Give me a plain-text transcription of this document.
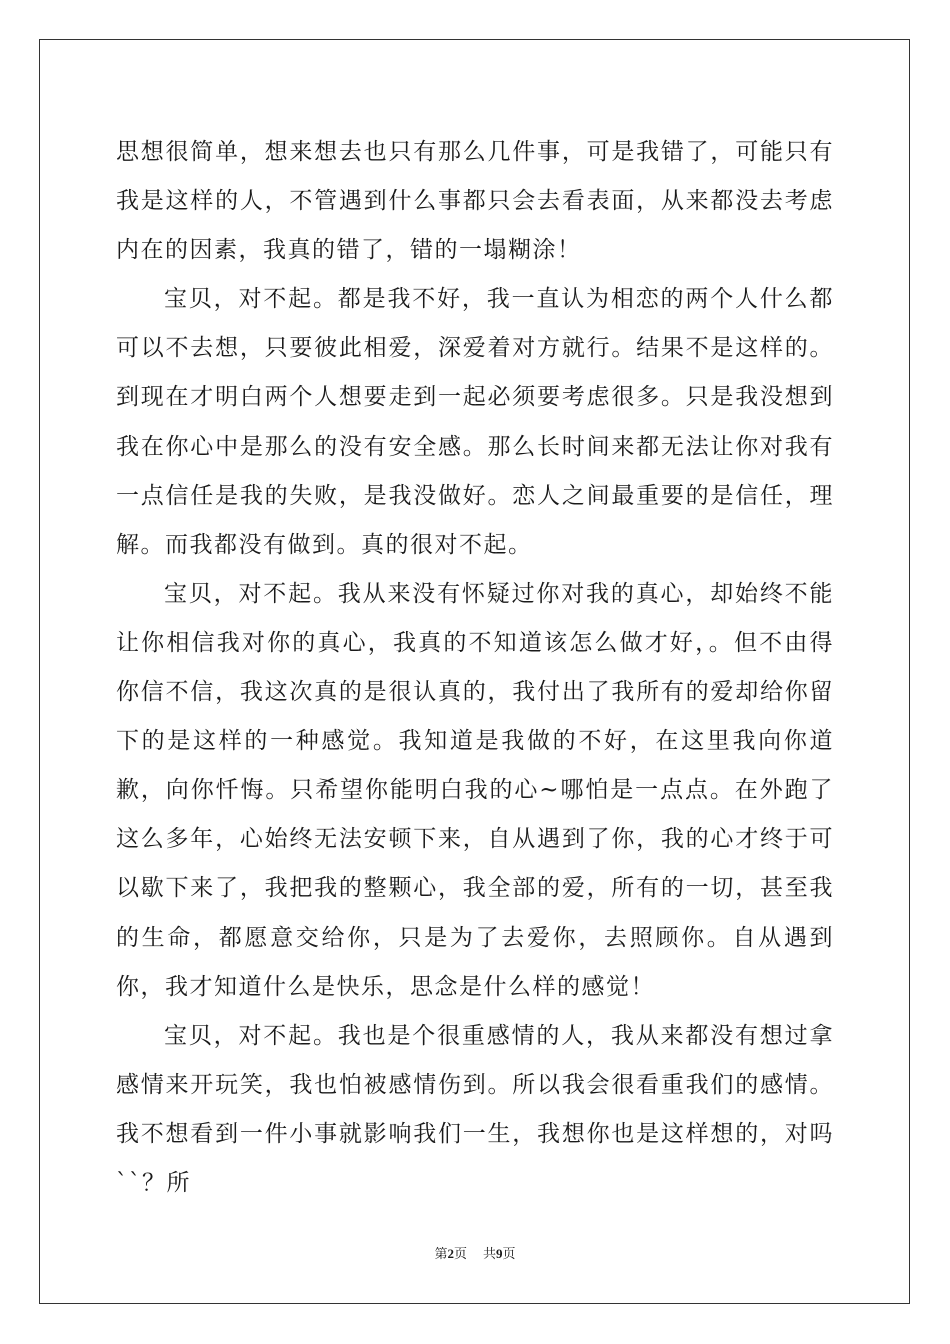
思想很简单，想来想去也只有那么几件事，可是我错了，可能只有我是这样的人，不管遇到什么事都只会去看表面，从来都没去考虑内在的因素，我真的错了，错的一塌糊涂！

宝贝，对不起。都是我不好，我一直认为相恋的两个人什么都可以不去想，只要彼此相爱，深爱着对方就行。结果不是这样的。到现在才明白两个人想要走到一起必须要考虑很多。只是我没想到我在你心中是那么的没有安全感。那么长时间来都无法让你对我有一点信任是我的失败，是我没做好。恋人之间最重要的是信任，理解。而我都没有做到。真的很对不起。

宝贝，对不起。我从来没有怀疑过你对我的真心，却始终不能让你相信我对你的真心，我真的不知道该怎么做才好，。但不由得你信不信，我这次真的是很认真的，我付出了我所有的爱却给你留下的是这样的一种感觉。我知道是我做的不好，在这里我向你道歉，向你忏悔。只希望你能明白我的心~哪怕是一点点。在外跑了这么多年，心始终无法安顿下来，自从遇到了你，我的心才终于可以歇下来了，我把我的整颗心，我全部的爱，所有的一切，甚至我的生命，都愿意交给你，只是为了去爱你，去照顾你。自从遇到你，我才知道什么是快乐，思念是什么样的感觉！

宝贝，对不起。我也是个很重感情的人，我从来都没有想过拿感情来开玩笑，我也怕被感情伤到。所以我会很看重我们的感情。我不想看到一件小事就影响我们一生，我想你也是这样想的，对吗``？所

第2页 共9页
